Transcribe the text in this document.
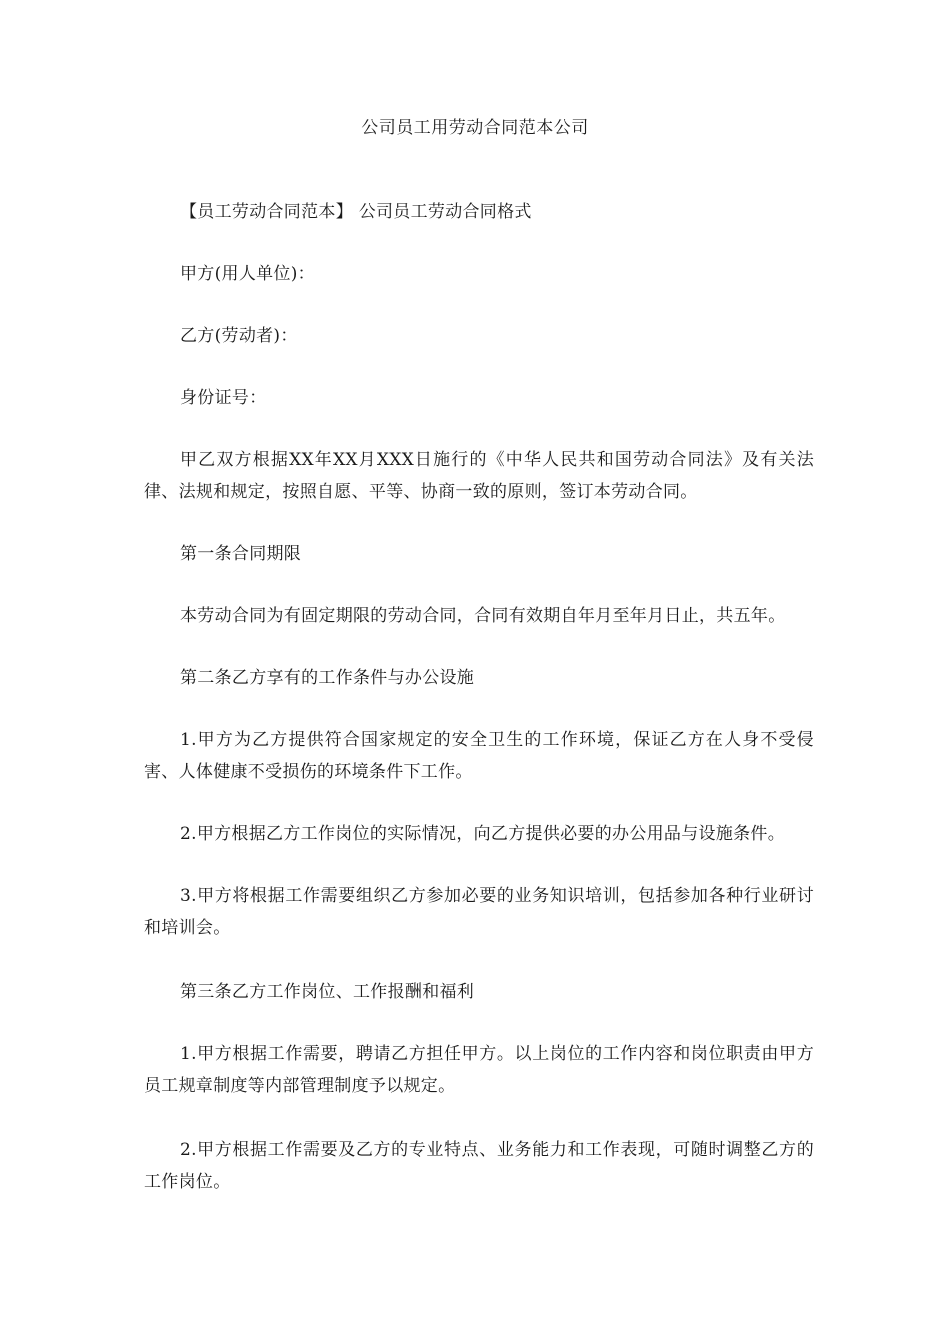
公司员工用劳动合同范本公司

【员工劳动合同范本】 公司员工劳动合同格式

甲方(用人单位)：

乙方(劳动者)：

身份证号：

甲乙双方根据XX年XX月XXX日施行的《中华人民共和国劳动合同法》及有关法律、法规和规定，按照自愿、平等、协商一致的原则，签订本劳动合同。

第一条合同期限

本劳动合同为有固定期限的劳动合同，合同有效期自年月至年月日止，共五年。

第二条乙方享有的工作条件与办公设施

1.甲方为乙方提供符合国家规定的安全卫生的工作环境，保证乙方在人身不受侵害、人体健康不受损伤的环境条件下工作。

2.甲方根据乙方工作岗位的实际情况，向乙方提供必要的办公用品与设施条件。

3.甲方将根据工作需要组织乙方参加必要的业务知识培训，包括参加各种行业研讨和培训会。

第三条乙方工作岗位、工作报酬和福利

1.甲方根据工作需要，聘请乙方担任甲方。以上岗位的工作内容和岗位职责由甲方员工规章制度等内部管理制度予以规定。

2.甲方根据工作需要及乙方的专业特点、业务能力和工作表现，可随时调整乙方的工作岗位。
